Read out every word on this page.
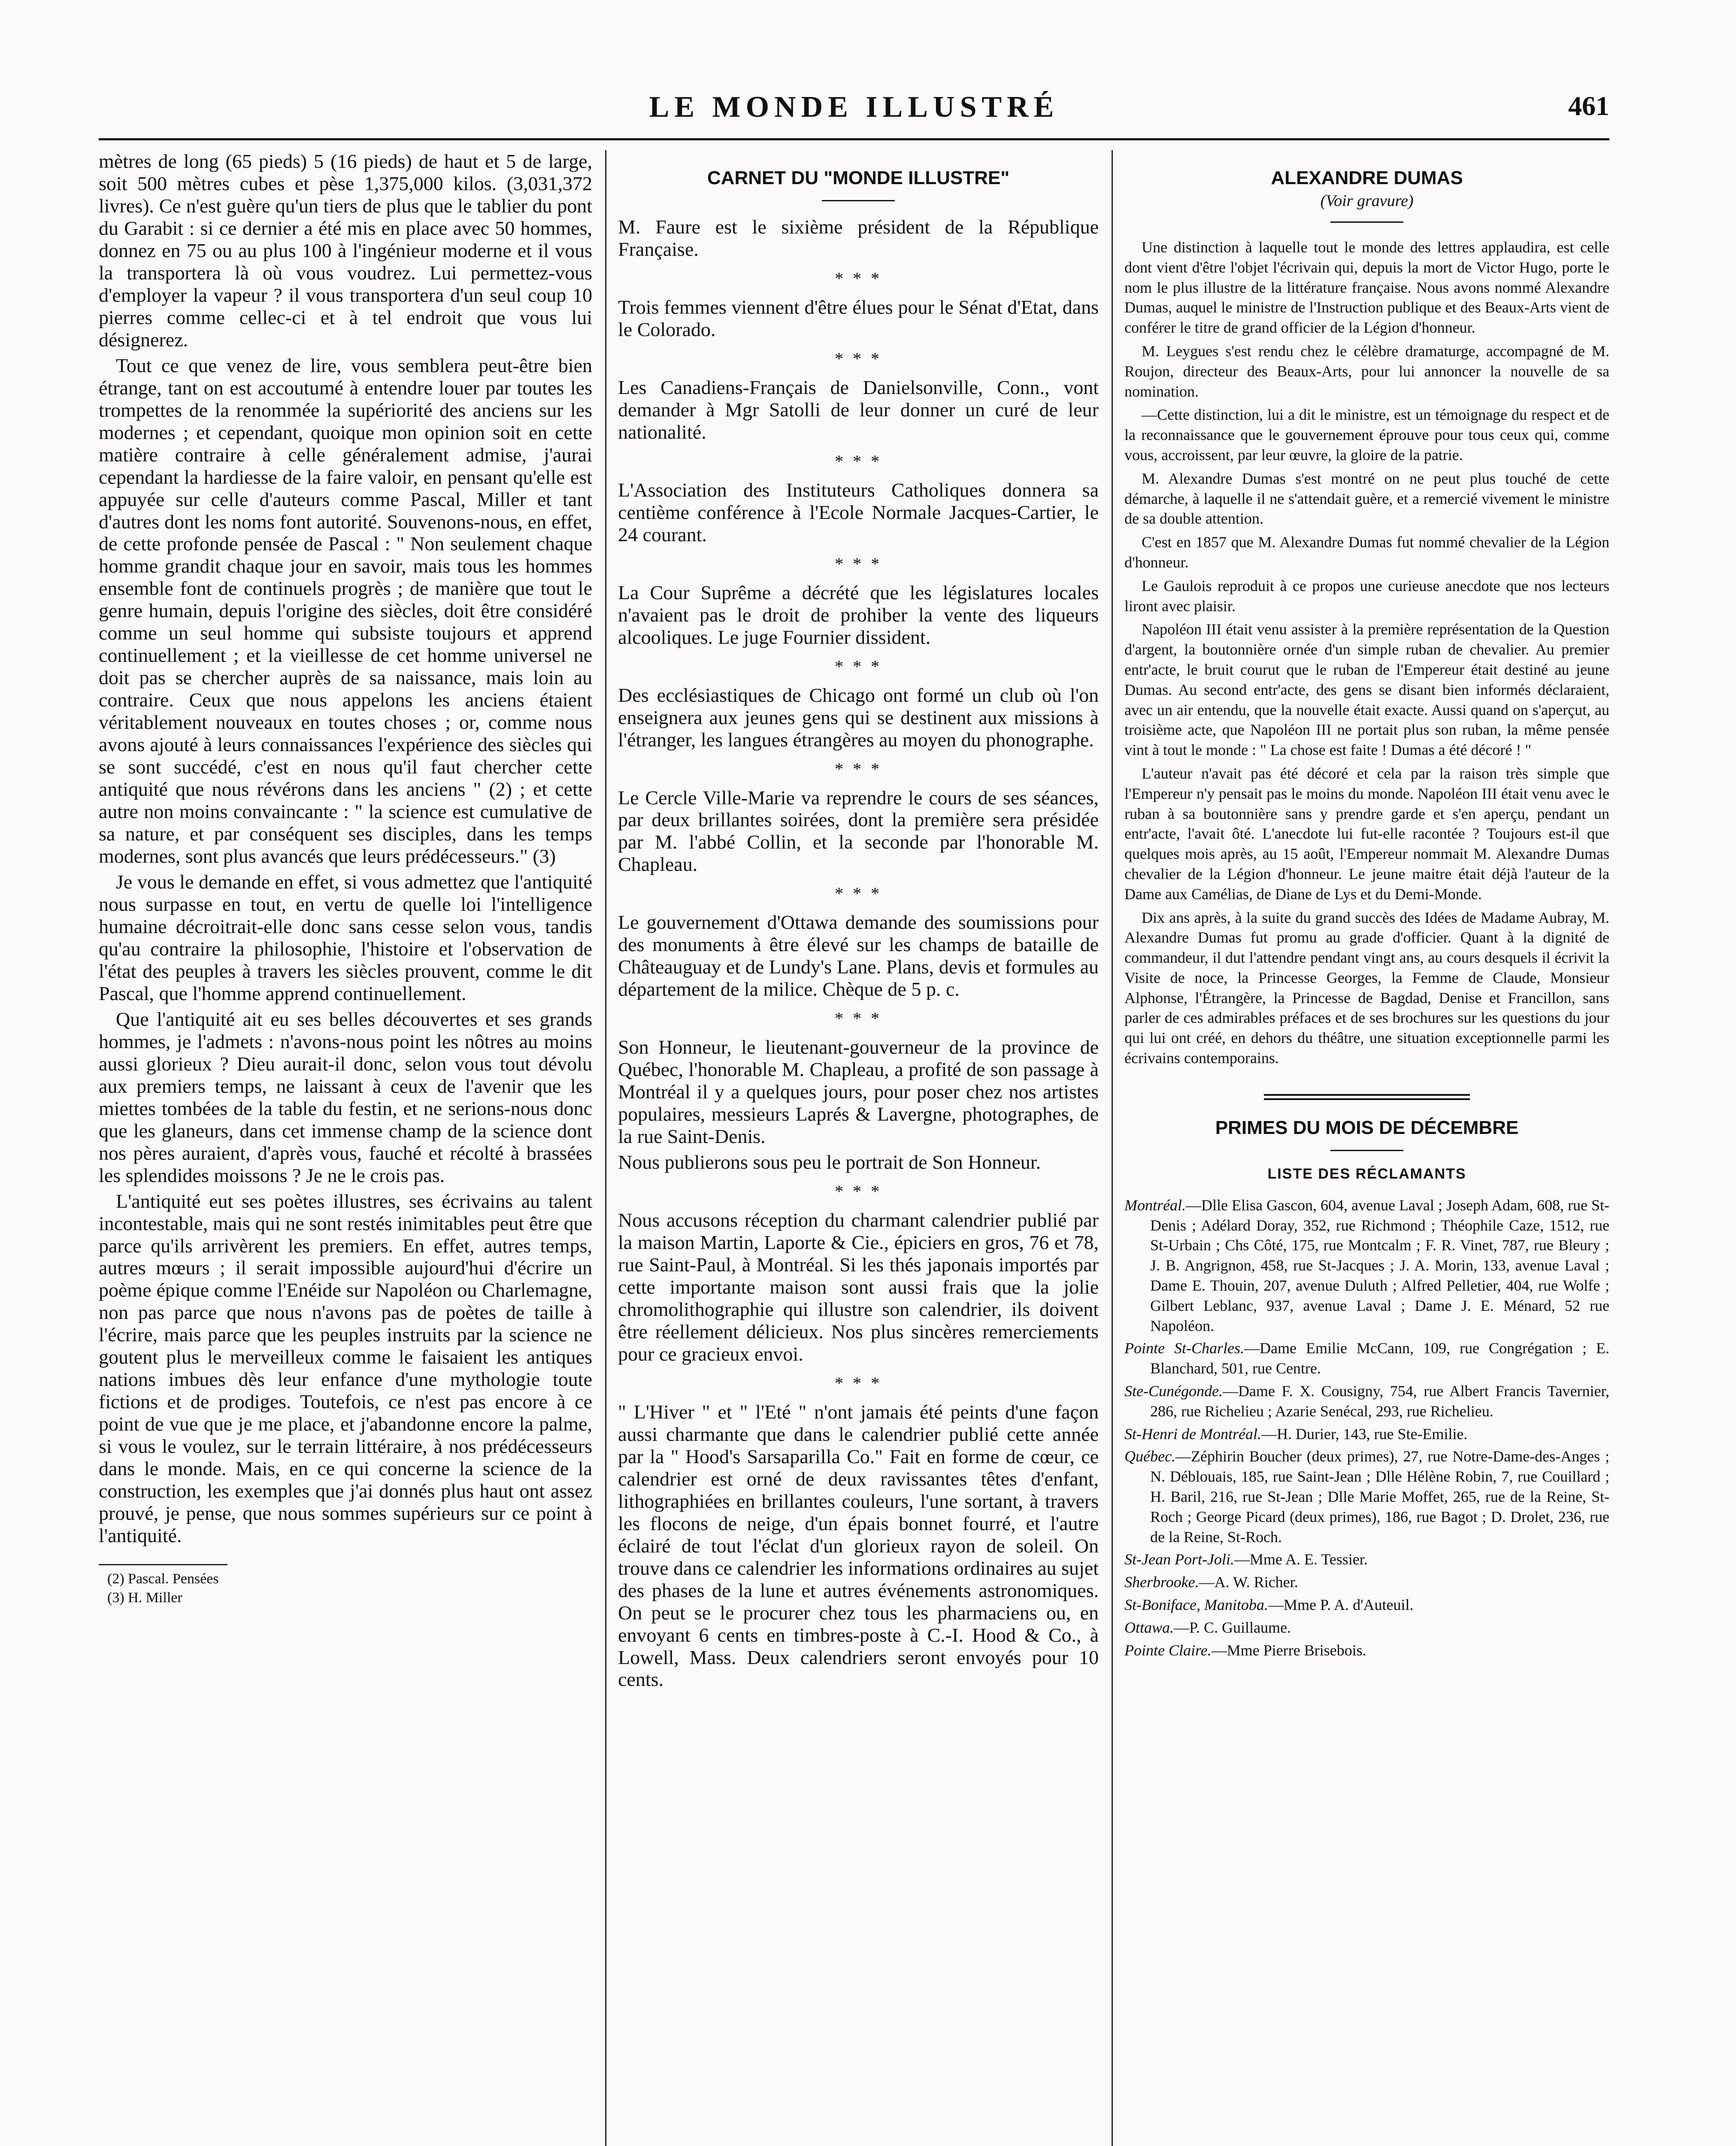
LE MONDE ILLUSTRÉ	461

mètres de long (65 pieds) 5 (16 pieds) de haut et 5 de large, soit 500 mètres cubes et pèse 1,375,000 kilos. (3,031,372 livres). Ce n'est guère qu'un tiers de plus que le tablier du pont du Garabit : si ce dernier a été mis en place avec 50 hommes, donnez en 75 ou au plus 100 à l'ingénieur moderne et il vous la transportera là où vous voudrez. Lui permettez-vous d'employer la vapeur ? il vous transportera d'un seul coup 10 pierres comme cellec-ci et à tel endroit que vous lui désignerez.

Tout ce que venez de lire, vous semblera peut-être bien étrange, tant on est accoutumé à entendre louer par toutes les trompettes de la renommée la supériorité des anciens sur les modernes ; et cependant, quoique mon opinion soit en cette matière contraire à celle généralement admise, j'aurai cependant la hardiesse de la faire valoir, en pensant qu'elle est appuyée sur celle d'auteurs comme Pascal, Miller et tant d'autres dont les noms font autorité. Souvenons-nous, en effet, de cette profonde pensée de Pascal : " Non seulement chaque homme grandit chaque jour en savoir, mais tous les hommes ensemble font de continuels progrès ; de manière que tout le genre humain, depuis l'origine des siècles, doit être considéré comme un seul homme qui subsiste toujours et apprend continuellement ; et la vieillesse de cet homme universel ne doit pas se chercher auprès de sa naissance, mais loin au contraire. Ceux que nous appelons les anciens étaient véritablement nouveaux en toutes choses ; or, comme nous avons ajouté à leurs connaissances l'expérience des siècles qui se sont succédé, c'est en nous qu'il faut chercher cette antiquité que nous révérons dans les anciens " (2) ; et cette autre non moins convaincante : " la science est cumulative de sa nature, et par conséquent ses disciples, dans les temps modernes, sont plus avancés que leurs prédécesseurs." (3)

Je vous le demande en effet, si vous admettez que l'antiquité nous surpasse en tout, en vertu de quelle loi l'intelligence humaine décroitrait-elle donc sans cesse selon vous, tandis qu'au contraire la philosophie, l'histoire et l'observation de l'état des peuples à travers les siècles prouvent, comme le dit Pascal, que l'homme apprend continuellement.

Que l'antiquité ait eu ses belles découvertes et ses grands hommes, je l'admets : n'avons-nous point les nôtres au moins aussi glorieux ? Dieu aurait-il donc, selon vous tout dévolu aux premiers temps, ne laissant à ceux de l'avenir que les miettes tombées de la table du festin, et ne serions-nous donc que les glaneurs, dans cet immense champ de la science dont nos pères auraient, d'après vous, fauché et récolté à brassées les splendides moissons ? Je ne le crois pas.

L'antiquité eut ses poètes illustres, ses écrivains au talent incontestable, mais qui ne sont restés inimitables peut être que parce qu'ils arrivèrent les premiers. En effet, autres temps, autres mœurs ; il serait impossible aujourd'hui d'écrire un poème épique comme l'Enéide sur Napoléon ou Charlemagne, non pas parce que nous n'avons pas de poètes de taille à l'écrire, mais parce que les peuples instruits par la science ne goutent plus le merveilleux comme le faisaient les antiques nations imbues dès leur enfance d'une mythologie toute fictions et de prodiges. Toutefois, ce n'est pas encore à ce point de vue que je me place, et j'abandonne encore la palme, si vous le voulez, sur le terrain littéraire, à nos prédécesseurs dans le monde. Mais, en ce qui concerne la science de la construction, les exemples que j'ai donnés plus haut ont assez prouvé, je pense, que nous sommes supérieurs sur ce point à l'antiquité.

(2) Pascal. Pensées
(3) H. Miller
CARNET DU "MONDE ILLUSTRE"

M. Faure est le sixième président de la République Française.

* * *

Trois femmes viennent d'être élues pour le Sénat d'Etat, dans le Colorado.

* * *

Les Canadiens-Français de Danielsonville, Conn., vont demander à Mgr Satolli de leur donner un curé de leur nationalité.

* * *

L'Association des Instituteurs Catholiques donnera sa centième conférence à l'Ecole Normale Jacques-Cartier, le 24 courant.

* * *

La Cour Suprême a décrété que les législatures locales n'avaient pas le droit de prohiber la vente des liqueurs alcooliques. Le juge Fournier dissident.

* * *

Des ecclésiastiques de Chicago ont formé un club où l'on enseignera aux jeunes gens qui se destinent aux missions à l'étranger, les langues étrangères au moyen du phonographe.

* * *

Le Cercle Ville-Marie va reprendre le cours de ses séances, par deux brillantes soirées, dont la première sera présidée par M. l'abbé Collin, et la seconde par l'honorable M. Chapleau.

* * *

Le gouvernement d'Ottawa demande des soumissions pour des monuments à être élevé sur les champs de bataille de Châteauguay et de Lundy's Lane. Plans, devis et formules au département de la milice. Chèque de 5 p. c.

* * *

Son Honneur, le lieutenant-gouverneur de la province de Québec, l'honorable M. Chapleau, a profité de son passage à Montréal il y a quelques jours, pour poser chez nos artistes populaires, messieurs Laprés & Lavergne, photographes, de la rue Saint-Denis.

Nous publierons sous peu le portrait de Son Honneur.

* * *

Nous accusons réception du charmant calendrier publié par la maison Martin, Laporte & Cie., épiciers en gros, 76 et 78, rue Saint-Paul, à Montréal. Si les thés japonais importés par cette importante maison sont aussi frais que la jolie chromolithographie qui illustre son calendrier, ils doivent être réellement délicieux. Nos plus sincères remerciements pour ce gracieux envoi.

* * *

" L'Hiver " et " l'Eté " n'ont jamais été peints d'une façon aussi charmante que dans le calendrier publié cette année par la " Hood's Sarsaparilla Co." Fait en forme de cœur, ce calendrier est orné de deux ravissantes têtes d'enfant, lithographiées en brillantes couleurs, l'une sortant, à travers les flocons de neige, d'un épais bonnet fourré, et l'autre éclairé de tout l'éclat d'un glorieux rayon de soleil. On trouve dans ce calendrier les informations ordinaires au sujet des phases de la lune et autres événements astronomiques. On peut se le procurer chez tous les pharmaciens ou, en envoyant 6 cents en timbres-poste à C.-I. Hood & Co., à Lowell, Mass. Deux calendriers seront envoyés pour 10 cents.

ALEXANDRE DUMAS
(Voir gravure)

Une distinction à laquelle tout le monde des lettres applaudira, est celle dont vient d'être l'objet l'écrivain qui, depuis la mort de Victor Hugo, porte le nom le plus illustre de la littérature française. Nous avons nommé Alexandre Dumas, auquel le ministre de l'Instruction publique et des Beaux-Arts vient de conférer le titre de grand officier de la Légion d'honneur.

M. Leygues s'est rendu chez le célèbre dramaturge, accompagné de M. Roujon, directeur des Beaux-Arts, pour lui annoncer la nouvelle de sa nomination.

—Cette distinction, lui a dit le ministre, est un témoignage du respect et de la reconnaissance que le gouvernement éprouve pour tous ceux qui, comme vous, accroissent, par leur œuvre, la gloire de la patrie.

M. Alexandre Dumas s'est montré on ne peut plus touché de cette démarche, à laquelle il ne s'attendait guère, et a remercié vivement le ministre de sa double attention.

C'est en 1857 que M. Alexandre Dumas fut nommé chevalier de la Légion d'honneur.

Le Gaulois reproduit à ce propos une curieuse anecdote que nos lecteurs liront avec plaisir.

Napoléon III était venu assister à la première représentation de la Question d'argent, la boutonnière ornée d'un simple ruban de chevalier. Au premier entr'acte, le bruit courut que le ruban de l'Empereur était destiné au jeune Dumas. Au second entr'acte, des gens se disant bien informés déclaraient, avec un air entendu, que la nouvelle était exacte. Aussi quand on s'aperçut, au troisième acte, que Napoléon III ne portait plus son ruban, la même pensée vint à tout le monde : " La chose est faite ! Dumas a été décoré ! "

L'auteur n'avait pas été décoré et cela par la raison très simple que l'Empereur n'y pensait pas le moins du monde. Napoléon III était venu avec le ruban à sa boutonnière sans y prendre garde et s'en aperçu, pendant un entr'acte, l'avait ôté. L'anecdote lui fut-elle racontée ? Toujours est-il que quelques mois après, au 15 août, l'Empereur nommait M. Alexandre Dumas chevalier de la Légion d'honneur. Le jeune maitre était déjà l'auteur de la Dame aux Camélias, de Diane de Lys et du Demi-Monde.

Dix ans après, à la suite du grand succès des Idées de Madame Aubray, M. Alexandre Dumas fut promu au grade d'officier. Quant à la dignité de commandeur, il dut l'attendre pendant vingt ans, au cours desquels il écrivit la Visite de noce, la Princesse Georges, la Femme de Claude, Monsieur Alphonse, l'Étrangère, la Princesse de Bagdad, Denise et Francillon, sans parler de ces admirables préfaces et de ses brochures sur les questions du jour qui lui ont créé, en dehors du théâtre, une situation exceptionnelle parmi les écrivains contemporains.

PRIMES DU MOIS DE DÉCEMBRE
LISTE DES RÉCLAMANTS
Montréal.—Dlle Elisa Gascon, 604, avenue Laval ; Joseph Adam, 608, rue St-Denis ; Adélard Doray, 352, rue Richmond ; Théophile Caze, 1512, rue St-Urbain ; Chs Côté, 175, rue Montcalm ; F. R. Vinet, 787, rue Bleury ; J. B. Angrignon, 458, rue St-Jacques ; J. A. Morin, 133, avenue Laval ; Dame E. Thouin, 207, avenue Duluth ; Alfred Pelletier, 404, rue Wolfe ; Gilbert Leblanc, 937, avenue Laval ; Dame J. E. Ménard, 52 rue Napoléon.
Pointe St-Charles.—Dame Emilie McCann, 109, rue Congrégation ; E. Blanchard, 501, rue Centre.
Ste-Cunégonde.—Dame F. X. Cousigny, 754, rue Albert Francis Tavernier, 286, rue Richelieu ; Azarie Senécal, 293, rue Richelieu.
St-Henri de Montréal.—H. Durier, 143, rue Ste-Emilie.
Québec.—Zéphirin Boucher (deux primes), 27, rue Notre-Dame-des-Anges ; N. Déblouais, 185, rue Saint-Jean ; Dlle Hélène Robin, 7, rue Couillard ; H. Baril, 216, rue St-Jean ; Dlle Marie Moffet, 265, rue de la Reine, St-Roch ; George Picard (deux primes), 186, rue Bagot ; D. Drolet, 236, rue de la Reine, St-Roch.
St-Jean Port-Joli.—Mme A. E. Tessier.
Sherbrooke.—A. W. Richer.
St-Boniface, Manitoba.—Mme P. A. d'Auteuil.
Ottawa.—P. C. Guillaume.
Pointe Claire.—Mme Pierre Brisebois.
